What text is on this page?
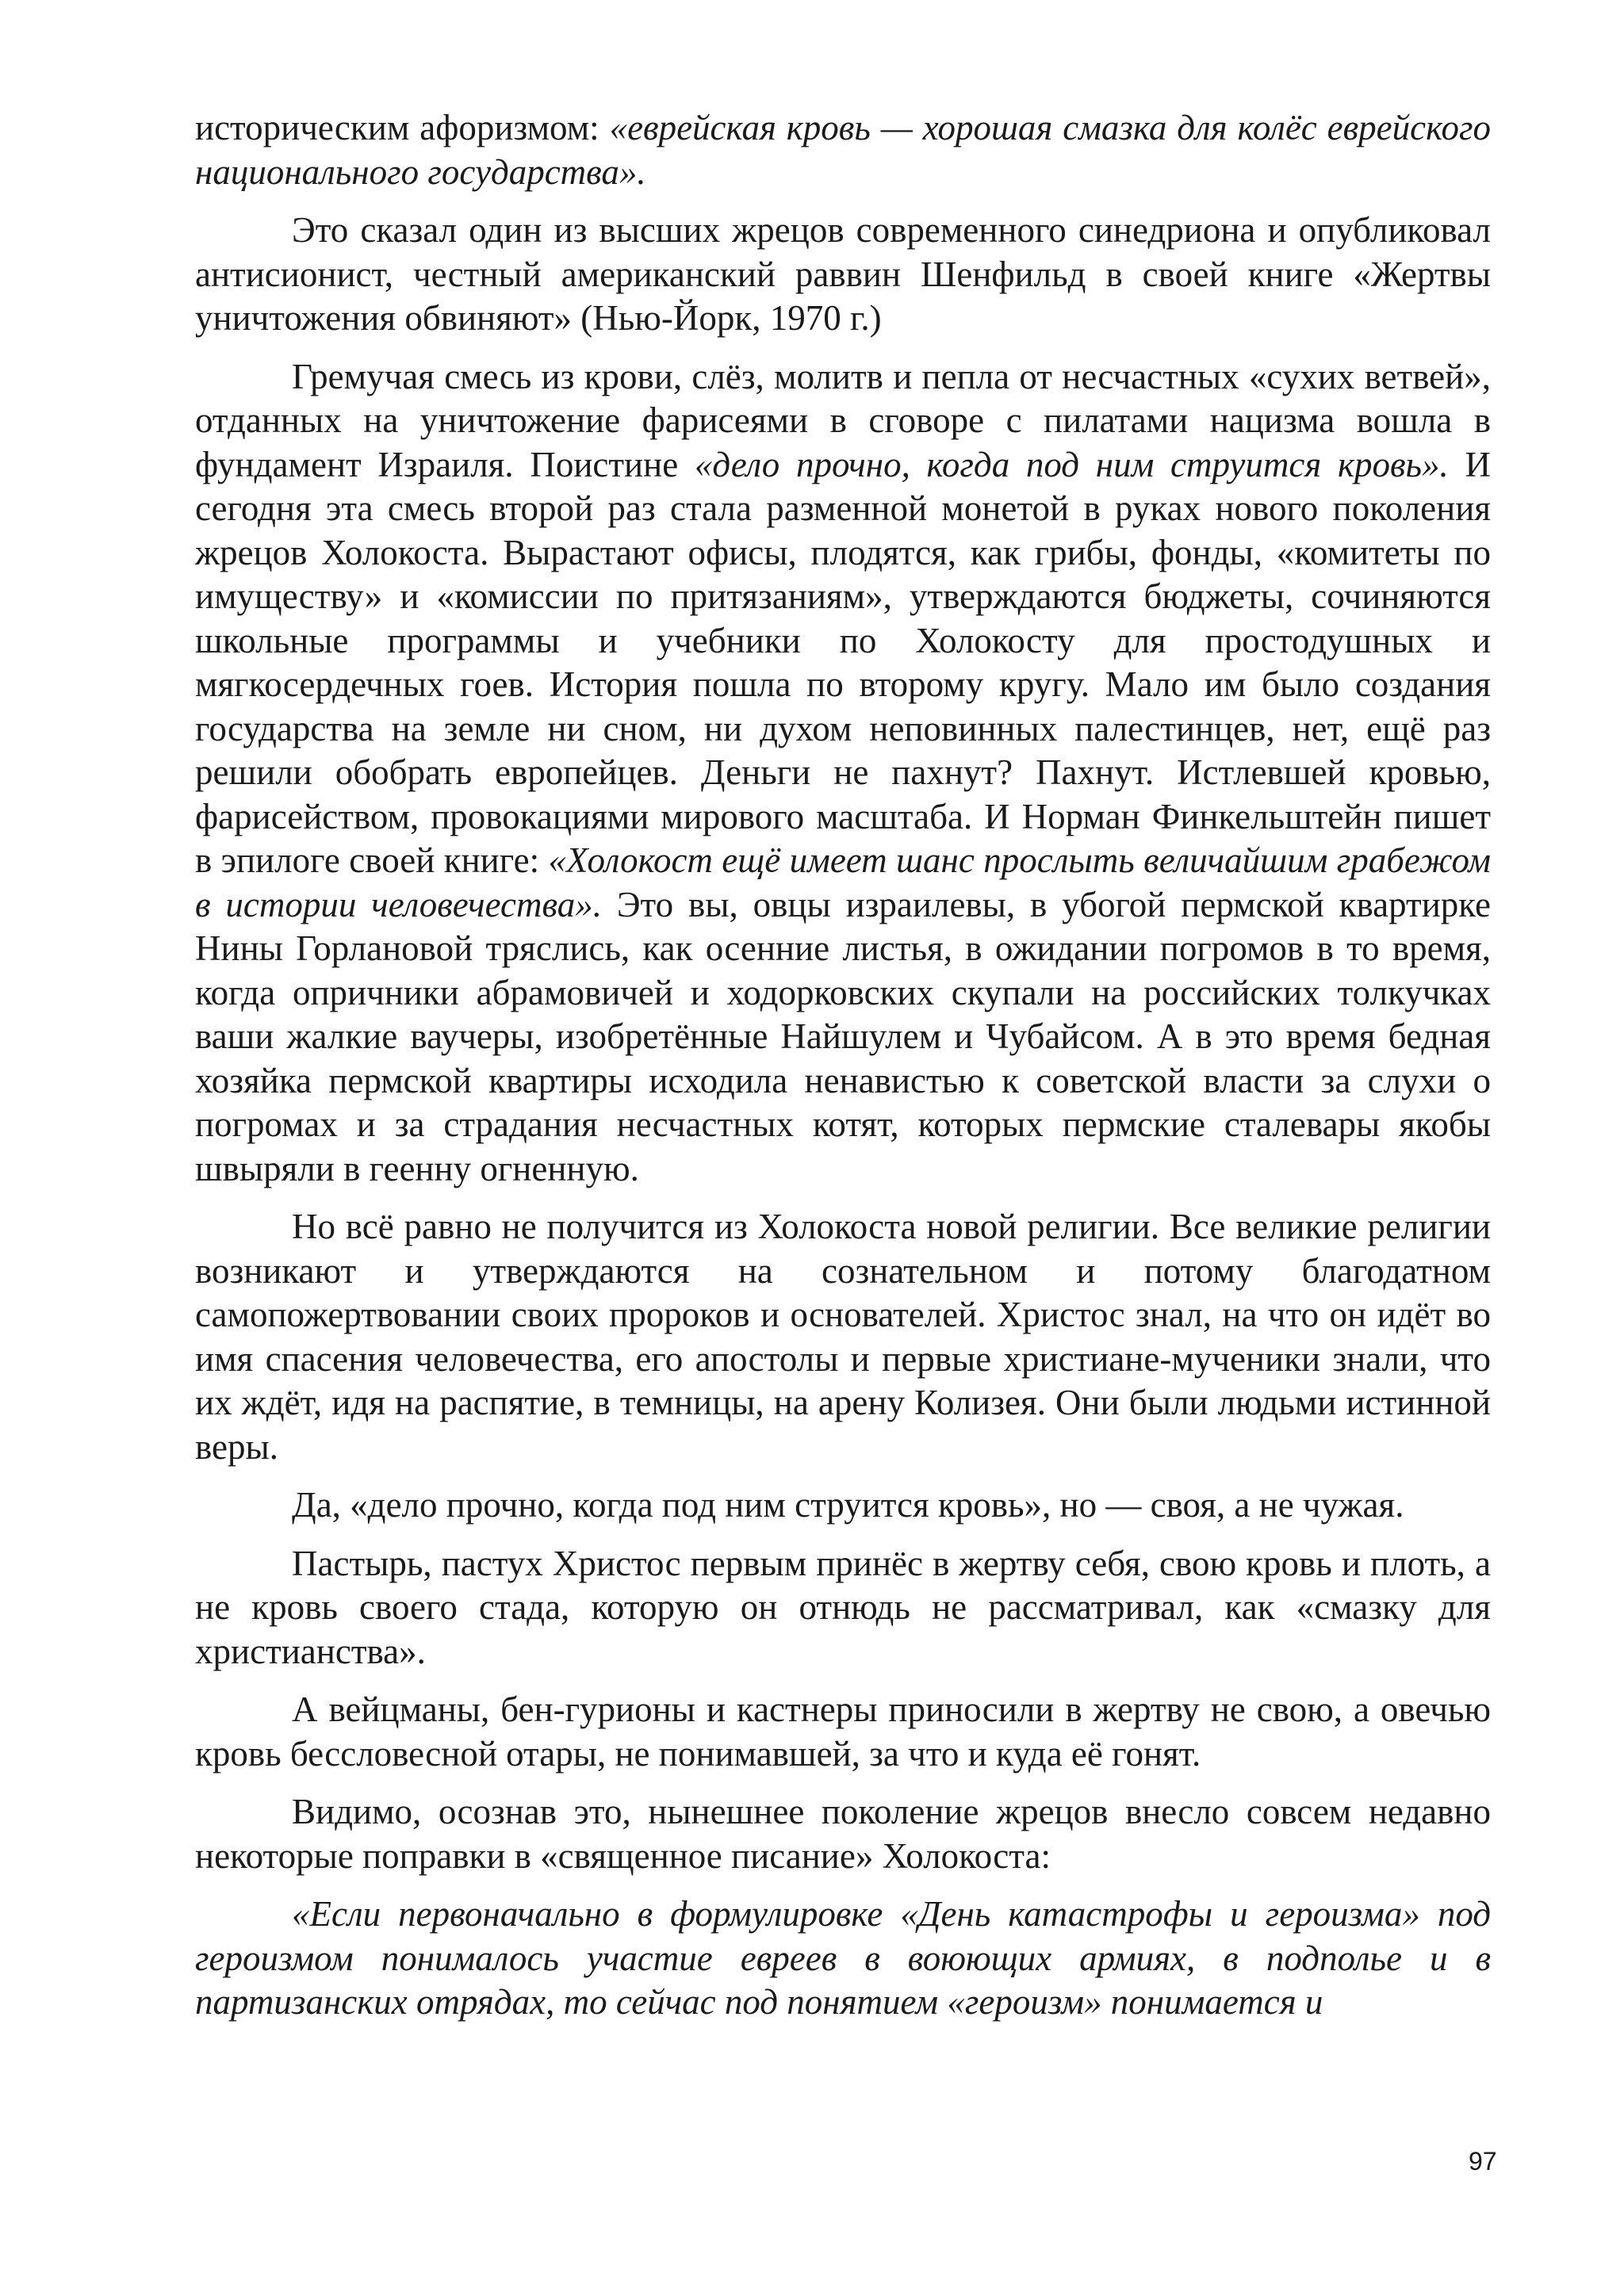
историческим афоризмом: «еврейская кровь — хорошая смазка для колёс еврейского национального государства».

Это сказал один из высших жрецов современного синедриона и опубликовал антисионист, честный американский раввин Шенфильд в своей книге «Жертвы уничтожения обвиняют» (Нью-Йорк, 1970 г.)

Гремучая смесь из крови, слёз, молитв и пепла от несчастных «сухих ветвей», отданных на уничтожение фарисеями в сговоре с пилатами нацизма вошла в фундамент Израиля. Поистине «дело прочно, когда под ним струится кровь». И сегодня эта смесь второй раз стала разменной монетой в руках нового поколения жрецов Холокоста. Вырастают офисы, плодятся, как грибы, фонды, «комитеты по имуществу» и «комиссии по притязаниям», утверждаются бюджеты, сочиняются школьные программы и учебники по Холокосту для простодушных и мягкосердечных гоев. История пошла по второму кругу. Мало им было создания государства на земле ни сном, ни духом неповинных палестинцев, нет, ещё раз решили обобрать европейцев. Деньги не пахнут? Пахнут. Истлевшей кровью, фарисейством, провокациями мирового масштаба. И Норман Финкельштейн пишет в эпилоге своей книге: «Холокост ещё имеет шанс прослыть величайшим грабежом в истории человечества». Это вы, овцы израилевы, в убогой пермской квартирке Нины Горлановой тряслись, как осенние листья, в ожидании погромов в то время, когда опричники абрамовичей и ходорковских скупали на российских толкучках ваши жалкие ваучеры, изобретённые Найшулем и Чубайсом. А в это время бедная хозяйка пермской квартиры исходила ненавистью к советской власти за слухи о погромах и за страдания несчастных котят, которых пермские сталевары якобы швыряли в геенну огненную.

Но всё равно не получится из Холокоста новой религии. Все великие религии возникают и утверждаются на сознательном и потому благодатном самопожертвовании своих пророков и основателей. Христос знал, на что он идёт во имя спасения человечества, его апостолы и первые христиане-мученики знали, что их ждёт, идя на распятие, в темницы, на арену Колизея. Они были людьми истинной веры.

Да, «дело прочно, когда под ним струится кровь», но — своя, а не чужая.

Пастырь, пастух Христос первым принёс в жертву себя, свою кровь и плоть, а не кровь своего стада, которую он отнюдь не рассматривал, как «смазку для христианства».

А вейцманы, бен-гурионы и кастнеры приносили в жертву не свою, а овечью кровь бессловесной отары, не понимавшей, за что и куда её гонят.

Видимо, осознав это, нынешнее поколение жрецов внесло совсем недавно некоторые поправки в «священное писание» Холокоста:

«Если первоначально в формулировке «День катастрофы и героизма» под героизмом понималось участие евреев в воюющих армиях, в подполье и в партизанских отрядах, то сейчас под понятием «героизм» понимается и

97
